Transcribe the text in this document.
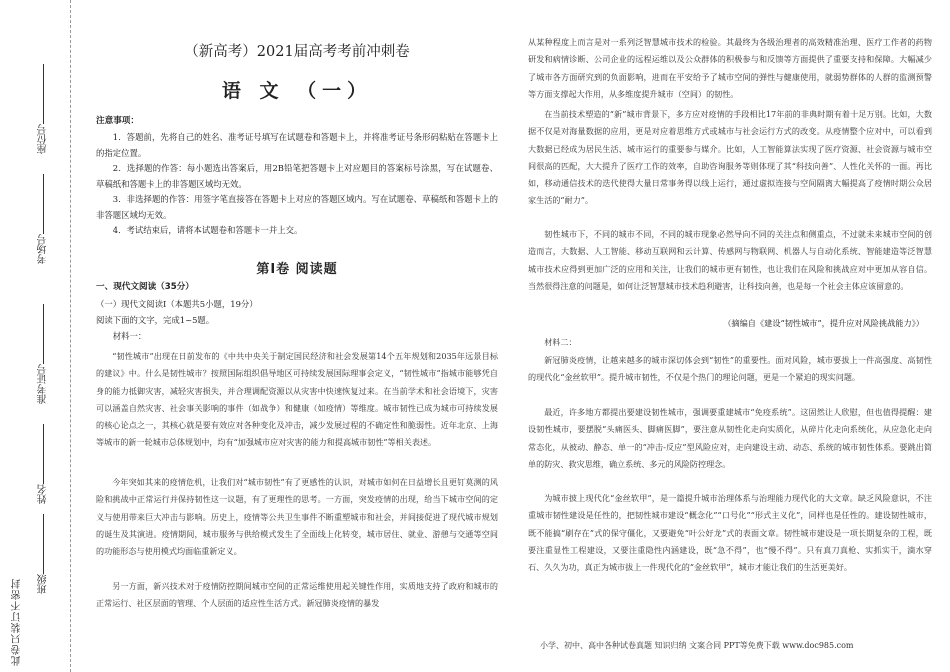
座位号
考场号
准考证号
姓名
班级
此卷只装订不密封
（新高考）2021届高考考前冲刺卷
语 文 （一）
注意事项：
1．答题前，先将自己的姓名、准考证号填写在试题卷和答题卡上，并将准考证号条形码粘贴在答题卡上的指定位置。
2．选择题的作答：每小题选出答案后，用2B铅笔把答题卡上对应题目的答案标号涂黑，写在试题卷、草稿纸和答题卡上的非答题区域均无效。
3．非选择题的作答：用签字笔直接答在答题卡上对应的答题区域内。写在试题卷、草稿纸和答题卡上的非答题区域均无效。
4．考试结束后，请将本试题卷和答题卡一并上交。
第Ⅰ卷 阅读题
一、现代文阅读（35分）
（一）现代文阅读Ⅰ（本题共5小题，19分）
阅读下面的文字，完成1~5题。
材料一：
“韧性城市”出现在日前发布的《中共中央关于制定国民经济和社会发展第14个五年规划和2035年远景目标的建议》中。什么是韧性城市？按照国际组织倡导地区可持续发展国际理事会定义，“韧性城市”指城市能够凭自身的能力抵御灾害，减轻灾害损失，并合理调配资源以从灾害中快速恢复过来。在当前学术和社会语境下，灾害可以涵盖自然灾害、社会事关影响的事件（如战争）和健康（如疫情）等维度。城市韧性已成为城市可持续发展的核心论点之一，其核心就是要有效应对各种变化及冲击，减少发展过程的不确定性和脆弱性。近年北京、上海等城市的新一轮城市总体规划中，均有“加强城市应对灾害的能力和提高城市韧性”等相关表述。
今年突如其来的疫情危机，让我们对“城市韧性”有了更感性的认识，对城市如何在日益增长且更钉莫测的风险和挑战中正常运行并保持韧性这一议题，有了更理性的思考。一方面，突发疫情的出现，给当下城市空间的定义与使用带来巨大冲击与影响。历史上，疫情等公共卫生事件不断重塑城市和社会，并间接促进了现代城市规划的诞生及其演进。疫情期间，城市服务与供给模式发生了全面线上化转变，城市居住、就业、游憩与交通等空间的功能形态与使用模式均面临重新定义。
另一方面，新兴技术对于疫情防控期间城市空间的正常运维使用起关键性作用，实质地支持了政府和城市的正常运行、社区层面的管理、个人层面的适应性生活方式。新冠肺炎疫情的暴发
从某种程度上而言是对一系列泛智慧城市技术的检验。其最终为各级治理者的高效精准治理、医疗工作者的药物研发和病情诊断、公司企业的远程运维以及公众群体的积极参与和反馈等方面提供了重要支持和保障。大幅减少了城市各方面研究到的负面影响，进而在平安给予了城市空间的弹性与健康使用，就弱势群体的人群的监测预警等方面支撑起大作用，从多维度提升城市（空间）的韧性。
在当前技术塑造的“新”城市背景下，多方应对疫情的手段相比17年前的非典时期有着十足万别。比如，大数据不仅是对海量数据的应用，更是对应着思维方式或城市与社会运行方式的改变。从疫情整个应对中，可以看到大数据已经成为居民生活、城市运行的重要参与媒介。比如，人工智能算法实现了医疗资源、社会资源与城市空间很高的匹配，大大提升了医疗工作的效率，自助咨询服务等则体现了其“科技向善”、人性化关怀的一面。再比如，移动通信技术的迭代使得大量日常事务得以线上运行，通过虚拟连接与空间隔离大幅提高了疫情时期公众居家生活的“耐力”。
韧性城市下，不同的城市不同，不同的城市现象必然导向不同的关注点和侧重点，不过就未来城市空间的创造而言，大数据、人工智能、移动互联网和云计算、传感网与物联网、机器人与自动化系统、智能建造等泛智慧城市技术应得到更加广泛的应用和关注，让我们的城市更有韧性，也让我们在风险和挑战应对中更加从容自信。当然很得注意的问题是，如何让泛智慧城市技术趋利避害，让科技向善，也是每一个社会主体应该留意的。
（摘编自《建设“韧性城市”，提升应对风险挑战能力》）
材料二：
新冠肺炎疫情，让越来越多的城市深切体会到“韧性”的重要性。面对风险，城市要拔上一件高强度、高韧性的现代化“金丝软甲”。提升城市韧性，不仅是个热门的理论问题，更是一个紧迫的现实问题。
最近，许多地方都提出要建设韧性城市，强调要重建城市“免疫系统”。这固然让人欣慰，但也值得提醒：建设韧性城市，要摆脱“头痛医头、脚痛医脚”，要注意从韧性化走向实质化，从碎片化走向系统化，从应急化走向常态化，从被动、静态、单一的“冲击-反应”型风险应对，走向建设主动、动态、系统的城市韧性体系。要跳出简单的防灾、救灾思维，确立系统、多元的风险防控理念。
为城市披上现代化“金丝软甲”，是一篇提升城市治理体系与治理能力现代化的大文章。缺乏风险意识，不注重城市韧性建设是任性的，把韧性城市建设“概念化”“口号化”“形式主义化”，同样也是任性的。建设韧性城市，既不能搞“刷存在”式的保守僵化，又要避免“叶公好龙”式的表面文章。韧性城市建设是一项长期复杂的工程，既要注重显性工程建设，又要注重隐性内涵建设，既“急不得”，也“慢不得”。只有真刀真枪、实抓实干，滴水穿石、久久为功，真正为城市拔上一件现代化的“金丝软甲”，城市才能让我们的生活更美好。
小学、初中、高中各种试卷真题 知识归纳 文案合同 PPT等免费下载 www.doc985.com
